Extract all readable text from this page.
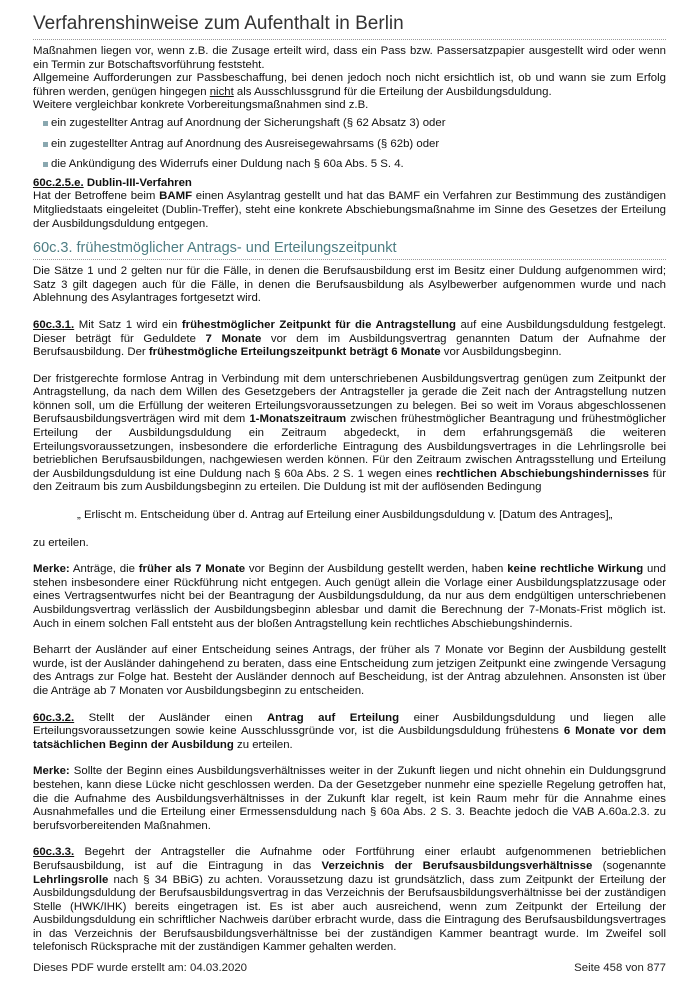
Verfahrenshinweise zum Aufenthalt in Berlin

Maßnahmen liegen vor, wenn z.B. die Zusage erteilt wird, dass ein Pass bzw. Passersatzpapier ausgestellt wird oder wenn ein Termin zur Botschaftsvorführung feststeht.

Allgemeine Aufforderungen zur Passbeschaffung, bei denen jedoch noch nicht ersichtlich ist, ob und wann sie zum Erfolg führen werden, genügen hingegen nicht als Ausschlussgrund für die Erteilung der Ausbildungsduldung.

Weitere vergleichbar konkrete Vorbereitungsmaßnahmen sind z.B.

ein zugestellter Antrag auf Anordnung der Sicherungshaft (§ 62 Absatz 3) oder
ein zugestellter Antrag auf Anordnung des Ausreisegewahrsams (§ 62b) oder
die Ankündigung des Widerrufs einer Duldung nach § 60a Abs. 5 S. 4.

60c.2.5.e. Dublin-III-Verfahren

Hat der Betroffene beim BAMF einen Asylantrag gestellt und hat das BAMF ein Verfahren zur Bestimmung des zuständigen Mitgliedstaats eingeleitet (Dublin-Treffer), steht eine konkrete Abschiebungsmaßnahme im Sinne des Gesetzes der Erteilung der Ausbildungsduldung entgegen.

60c.3. frühestmöglicher Antrags- und Erteilungszeitpunkt

Die Sätze 1 und 2 gelten nur für die Fälle, in denen die Berufsausbildung erst im Besitz einer Duldung aufgenommen wird; Satz 3 gilt dagegen auch für die Fälle, in denen die Berufsausbildung als Asylbewerber aufgenommen wurde und nach Ablehnung des Asylantrages fortgesetzt wird.

60c.3.1. Mit Satz 1 wird ein frühestmöglicher Zeitpunkt für die Antragstellung auf eine Ausbildungsduldung festgelegt. Dieser beträgt für Geduldete 7 Monate vor dem im Ausbildungsvertrag genannten Datum der Aufnahme der Berufsausbildung. Der frühestmögliche Erteilungszeitpunkt beträgt 6 Monate vor Ausbildungsbeginn.

Der fristgerechte formlose Antrag in Verbindung mit dem unterschriebenen Ausbildungsvertrag genügen zum Zeitpunkt der Antragstellung, da nach dem Willen des Gesetzgebers der Antragsteller ja gerade die Zeit nach der Antragstellung nutzen können soll, um die Erfüllung der weiteren Erteilungsvoraussetzungen zu belegen. Bei so weit im Voraus abgeschlossenen Berufsausbildungsverträgen wird mit dem 1-Monatszeitraum zwischen frühestmöglicher Beantragung und frühestmöglicher Erteilung der Ausbildungsduldung ein Zeitraum abgedeckt, in dem erfahrungsgemäß die weiteren Erteilungsvoraussetzungen, insbesondere die erforderliche Eintragung des Ausbildungsvertrages in die Lehrlingsrolle bei betrieblichen Berufsausbildungen, nachgewiesen werden können. Für den Zeitraum zwischen Antragsstellung und Erteilung der Ausbildungsduldung ist eine Duldung nach § 60a Abs. 2 S. 1 wegen eines rechtlichen Abschiebungshindernisses für den Zeitraum bis zum Ausbildungsbeginn zu erteilen. Die Duldung ist mit der auflösenden Bedingung

„ Erlischt m. Entscheidung über d. Antrag auf Erteilung einer Ausbildungsduldung v. [Datum des Antrages]„

zu erteilen.

Merke: Anträge, die früher als 7 Monate vor Beginn der Ausbildung gestellt werden, haben keine rechtliche Wirkung und stehen insbesondere einer Rückführung nicht entgegen. Auch genügt allein die Vorlage einer Ausbildungsplatzzusage oder eines Vertragsentwurfes nicht bei der Beantragung der Ausbildungsduldung, da nur aus dem endgültigen unterschriebenen Ausbildungsvertrag verlässlich der Ausbildungsbeginn ablesbar und damit die Berechnung der 7-Monats-Frist möglich ist. Auch in einem solchen Fall entsteht aus der bloßen Antragstellung kein rechtliches Abschiebungshindernis.

Beharrt der Ausländer auf einer Entscheidung seines Antrags, der früher als 7 Monate vor Beginn der Ausbildung gestellt wurde, ist der Ausländer dahingehend zu beraten, dass eine Entscheidung zum jetzigen Zeitpunkt eine zwingende Versagung des Antrags zur Folge hat. Besteht der Ausländer dennoch auf Bescheidung, ist der Antrag abzulehnen. Ansonsten ist über die Anträge ab 7 Monaten vor Ausbildungsbeginn zu entscheiden.

60c.3.2. Stellt der Ausländer einen Antrag auf Erteilung einer Ausbildungsduldung und liegen alle Erteilungsvoraussetzungen sowie keine Ausschlussgründe vor, ist die Ausbildungsduldung frühestens 6 Monate vor dem tatsächlichen Beginn der Ausbildung zu erteilen.

Merke: Sollte der Beginn eines Ausbildungsverhältnisses weiter in der Zukunft liegen und nicht ohnehin ein Duldungsgrund bestehen, kann diese Lücke nicht geschlossen werden. Da der Gesetzgeber nunmehr eine spezielle Regelung getroffen hat, die die Aufnahme des Ausbildungsverhältnisses in der Zukunft klar regelt, ist kein Raum mehr für die Annahme eines Ausnahmefalles und die Erteilung einer Ermessensduldung nach § 60a Abs. 2 S. 3. Beachte jedoch die VAB A.60a.2.3. zu berufsvorbereitenden Maßnahmen.

60c.3.3. Begehrt der Antragsteller die Aufnahme oder Fortführung einer erlaubt aufgenommenen betrieblichen Berufsausbildung, ist auf die Eintragung in das Verzeichnis der Berufsausbildungsverhältnisse (sogenannte Lehrlingsrolle nach § 34 BBiG) zu achten. Voraussetzung dazu ist grundsätzlich, dass zum Zeitpunkt der Erteilung der Ausbildungsduldung der Berufsausbildungsvertrag in das Verzeichnis der Berufsausbildungsverhältnisse bei der zuständigen Stelle (HWK/IHK) bereits eingetragen ist. Es ist aber auch ausreichend, wenn zum Zeitpunkt der Erteilung der Ausbildungsduldung ein schriftlicher Nachweis darüber erbracht wurde, dass die Eintragung des Berufsausbildungsvertrages in das Verzeichnis der Berufsausbildungsverhältnisse bei der zuständigen Kammer beantragt wurde. Im Zweifel soll telefonisch Rücksprache mit der zuständigen Kammer gehalten werden.

Dieses PDF wurde erstellt am: 04.03.2020	Seite 458 von 877
